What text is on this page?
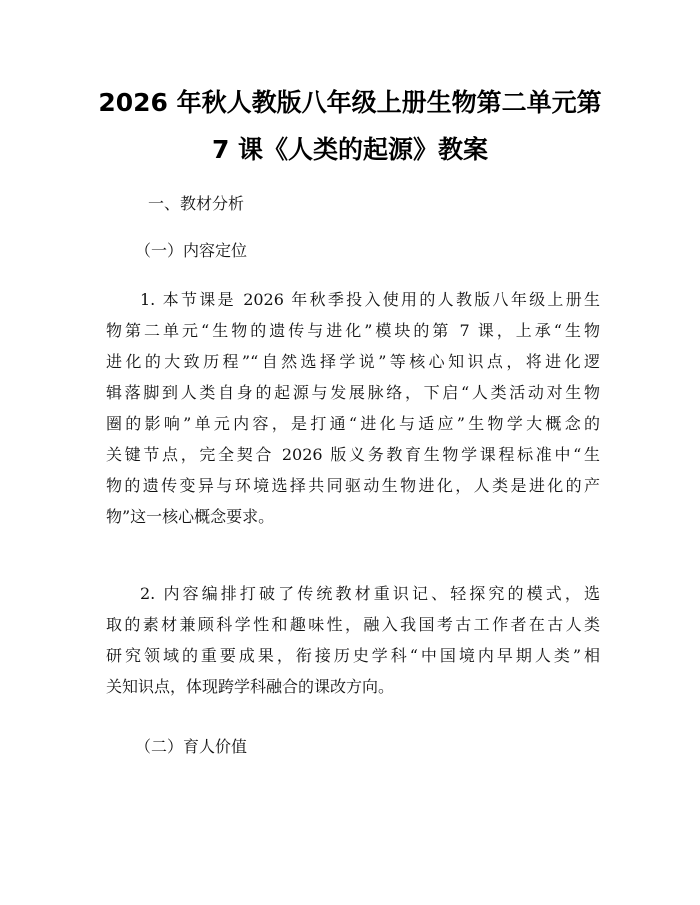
2026 年秋人教版八年级上册生物第二单元第
7 课《人类的起源》教案
一、教材分析
（一）内容定位
1. 本节课是 2026 年秋季投入使用的人教版八年级上册生
物第二单元“生物的遗传与进化”模块的第 7 课，上承“生物
进化的大致历程”“自然选择学说”等核心知识点，将进化逻
辑落脚到人类自身的起源与发展脉络，下启“人类活动对生物
圈的影响”单元内容，是打通“进化与适应”生物学大概念的
关键节点，完全契合 2026 版义务教育生物学课程标准中“生
物的遗传变异与环境选择共同驱动生物进化，人类是进化的产
物”这一核心概念要求。
2. 内容编排打破了传统教材重识记、轻探究的模式，选
取的素材兼顾科学性和趣味性，融入我国考古工作者在古人类
研究领域的重要成果，衔接历史学科“中国境内早期人类”相
关知识点，体现跨学科融合的课改方向。
（二）育人价值
